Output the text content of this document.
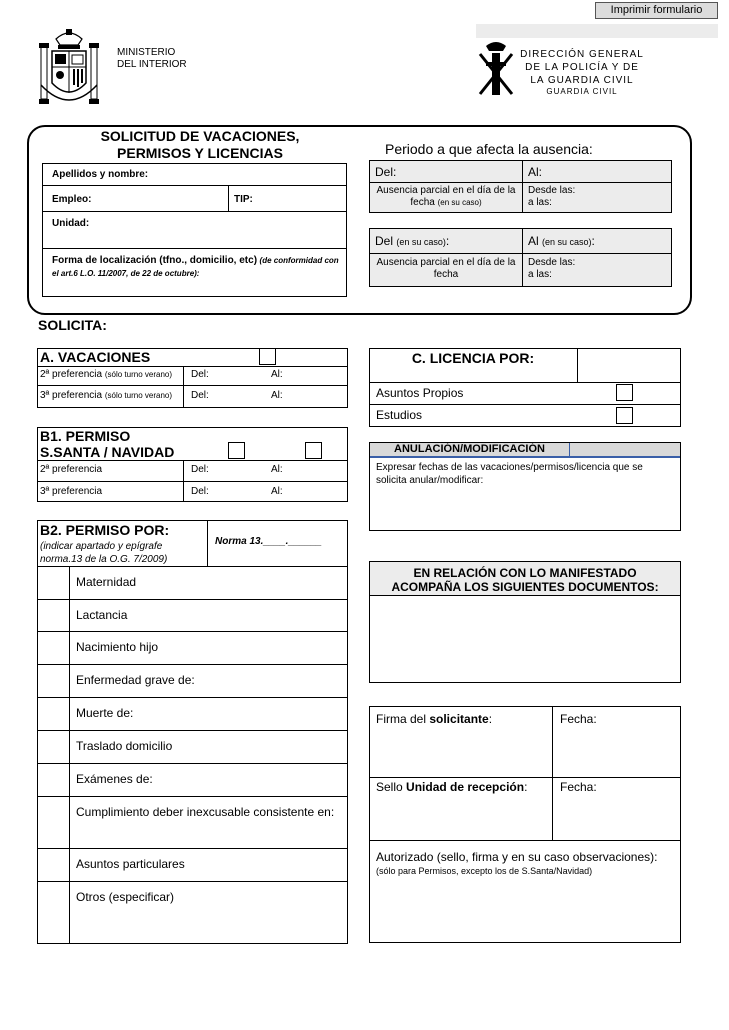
Imprimir formulario
MINISTERIO
DEL INTERIOR
DIRECCIÓN GENERAL
DE LA POLICÍA Y DE
LA GUARDIA CIVIL
GUARDIA CIVIL
SOLICITUD DE VACACIONES,
PERMISOS Y LICENCIAS
Apellidos y nombre:
Empleo:	TIP:
Unidad:
Forma de localización (tfno., domicilio, etc) (de conformidad con el art.6 L.O. 11/2007, de 22 de octubre):
Periodo a que afecta la ausencia:
Del:	Al:
Ausencia parcial en el día de la
fecha (en su caso)
Desde las:
a las:
Del (en su caso):	Al (en su caso):
Ausencia parcial en el día de la
fecha
Desde las:
a las:
SOLICITA:
A. VACACIONES
2ª preferencia (sólo turno verano) Del:	Al:
3ª preferencia (sólo turno verano) Del:	Al:
B1. PERMISO
S.SANTA / NAVIDAD
2ª preferencia	Del:	Al:
3ª preferencia	Del:	Al:
B2. PERMISO POR:
(indicar apartado y epígrafe
norma.13 de la O.G. 7/2009)
Norma 13.____.______
C. LICENCIA POR:
Asuntos Propios
Estudios
ANULACIÓN/MODIFICACIÓN
Expresar fechas de las vacaciones/permisos/licencia que se solicita anular/modificar:
EN RELACIÓN CON LO MANIFESTADO
ACOMPAÑA LOS SIGUIENTES DOCUMENTOS:
Firma del solicitante:	Fecha:
Sello Unidad de recepción:	Fecha:
Autorizado (sello, firma y en su caso observaciones):
(sólo para Permisos, excepto los de S.Santa/Navidad)
Maternidad
Lactancia
Nacimiento hijo
Enfermedad grave de:
Muerte de:
Traslado domicilio
Exámenes de:
Cumplimiento deber inexcusable consistente en:
Asuntos particulares
Otros (especificar)
